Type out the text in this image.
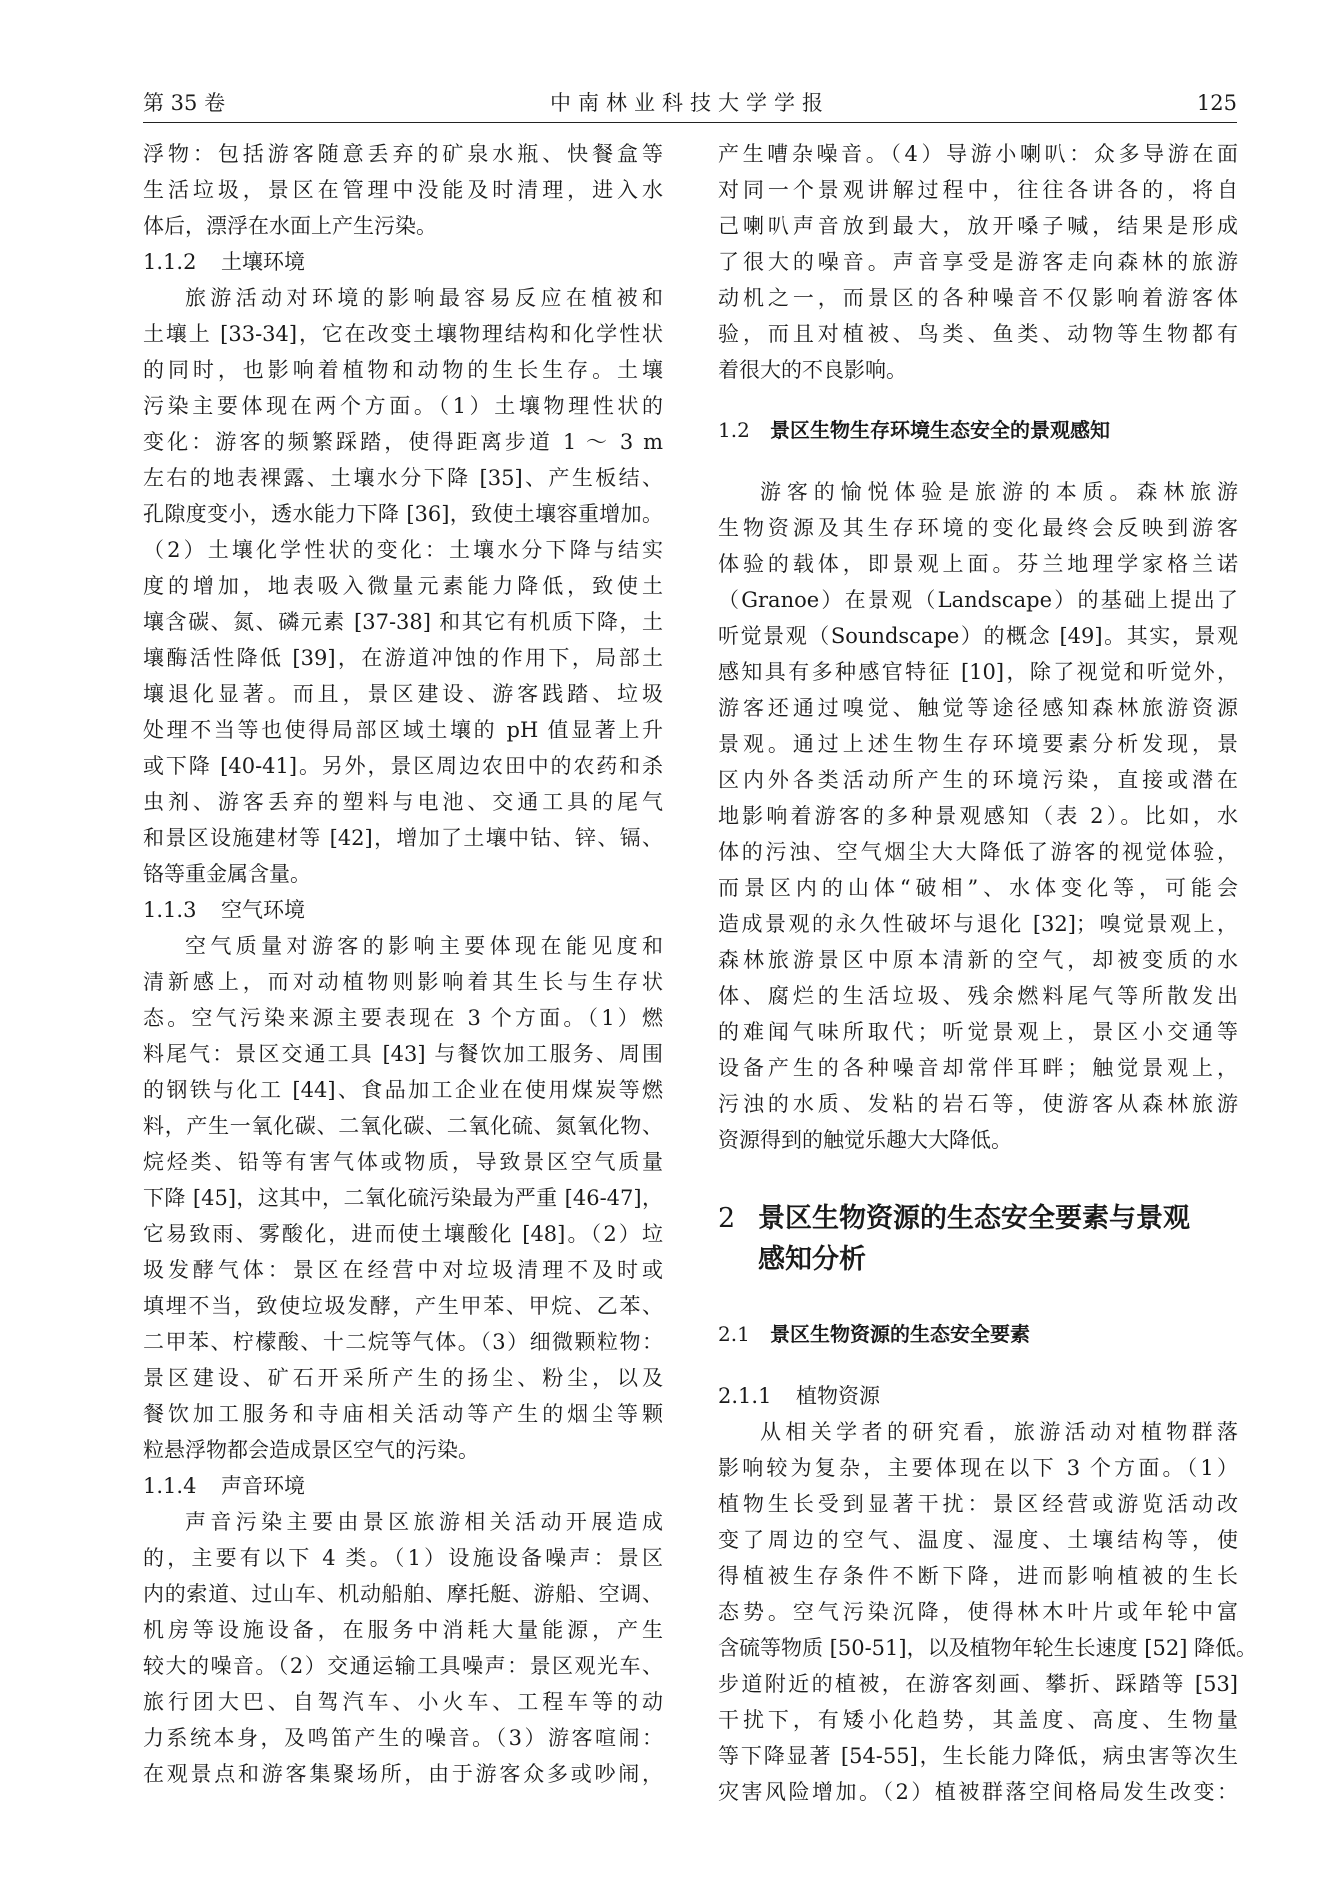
第 35 卷	中南林业科技大学学报	125

浮物：包括游客随意丢弃的矿泉水瓶、快餐盒等
生活垃圾，景区在管理中没能及时清理，进入水
体后，漂浮在水面上产生污染。

1.1.2 土壤环境

旅游活动对环境的影响最容易反应在植被和
土壤上 [33-34]，它在改变土壤物理结构和化学性状
的同时，也影响着植物和动物的生长生存。土壤
污染主要体现在两个方面。（1）土壤物理性状的
变化：游客的频繁踩踏，使得距离步道 1 ～ 3 m
左右的地表裸露、土壤水分下降 [35]、产生板结、
孔隙度变小，透水能力下降 [36]，致使土壤容重增加。
（2）土壤化学性状的变化：土壤水分下降与结实
度的增加，地表吸入微量元素能力降低，致使土
壤含碳、氮、磷元素 [37-38] 和其它有机质下降，土
壤酶活性降低 [39]，在游道冲蚀的作用下，局部土
壤退化显著。而且，景区建设、游客践踏、垃圾
处理不当等也使得局部区域土壤的 pH 值显著上升
或下降 [40-41]。另外，景区周边农田中的农药和杀
虫剂、游客丢弃的塑料与电池、交通工具的尾气
和景区设施建材等 [42]，增加了土壤中钴、锌、镉、
铬等重金属含量。

1.1.3 空气环境

空气质量对游客的影响主要体现在能见度和
清新感上，而对动植物则影响着其生长与生存状
态。空气污染来源主要表现在 3 个方面。（1）燃
料尾气：景区交通工具 [43] 与餐饮加工服务、周围
的钢铁与化工 [44]、食品加工企业在使用煤炭等燃
料，产生一氧化碳、二氧化碳、二氧化硫、氮氧化物、
烷烃类、铅等有害气体或物质，导致景区空气质量
下降 [45]，这其中，二氧化硫污染最为严重 [46-47]，
它易致雨、雾酸化，进而使土壤酸化 [48]。（2）垃
圾发酵气体：景区在经营中对垃圾清理不及时或
填埋不当，致使垃圾发酵，产生甲苯、甲烷、乙苯、
二甲苯、柠檬酸、十二烷等气体。（3）细微颗粒物：
景区建设、矿石开采所产生的扬尘、粉尘，以及
餐饮加工服务和寺庙相关活动等产生的烟尘等颗
粒悬浮物都会造成景区空气的污染。

1.1.4 声音环境

声音污染主要由景区旅游相关活动开展造成
的，主要有以下 4 类。（1）设施设备噪声：景区
内的索道、过山车、机动船舶、摩托艇、游船、空调、
机房等设施设备，在服务中消耗大量能源，产生
较大的噪音。（2）交通运输工具噪声：景区观光车、
旅行团大巴、自驾汽车、小火车、工程车等的动
力系统本身，及鸣笛产生的噪音。（3）游客喧闹：
在观景点和游客集聚场所，由于游客众多或吵闹，

产生嘈杂噪音。（4）导游小喇叭：众多导游在面
对同一个景观讲解过程中，往往各讲各的，将自
己喇叭声音放到最大，放开嗓子喊，结果是形成
了很大的噪音。声音享受是游客走向森林的旅游
动机之一，而景区的各种噪音不仅影响着游客体
验，而且对植被、鸟类、鱼类、动物等生物都有
着很大的不良影响。

1.2 景区生物生存环境生态安全的景观感知

游客的愉悦体验是旅游的本质。森林旅游
生物资源及其生存环境的变化最终会反映到游客
体验的载体，即景观上面。芬兰地理学家格兰诺
（Granoe）在景观（Landscape）的基础上提出了
听觉景观（Soundscape）的概念 [49]。其实，景观
感知具有多种感官特征 [10]，除了视觉和听觉外，
游客还通过嗅觉、触觉等途径感知森林旅游资源
景观。通过上述生物生存环境要素分析发现，景
区内外各类活动所产生的环境污染，直接或潜在
地影响着游客的多种景观感知（表 2）。比如，水
体的污浊、空气烟尘大大降低了游客的视觉体验，
而景区内的山体“破相”、水体变化等，可能会
造成景观的永久性破坏与退化 [32]；嗅觉景观上，
森林旅游景区中原本清新的空气，却被变质的水
体、腐烂的生活垃圾、残余燃料尾气等所散发出
的难闻气味所取代；听觉景观上，景区小交通等
设备产生的各种噪音却常伴耳畔；触觉景观上，
污浊的水质、发粘的岩石等，使游客从森林旅游
资源得到的触觉乐趣大大降低。

2 景区生物资源的生态安全要素与景观
感知分析
2.1 景区生物资源的生态安全要素
2.1.1 植物资源

从相关学者的研究看，旅游活动对植物群落
影响较为复杂，主要体现在以下 3 个方面。（1）
植物生长受到显著干扰：景区经营或游览活动改
变了周边的空气、温度、湿度、土壤结构等，使
得植被生存条件不断下降，进而影响植被的生长
态势。空气污染沉降，使得林木叶片或年轮中富
含硫等物质 [50-51]，以及植物年轮生长速度 [52] 降低。
步道附近的植被，在游客刻画、攀折、踩踏等 [53]
干扰下，有矮小化趋势，其盖度、高度、生物量
等下降显著 [54-55]，生长能力降低，病虫害等次生
灾害风险增加。（2）植被群落空间格局发生改变：
